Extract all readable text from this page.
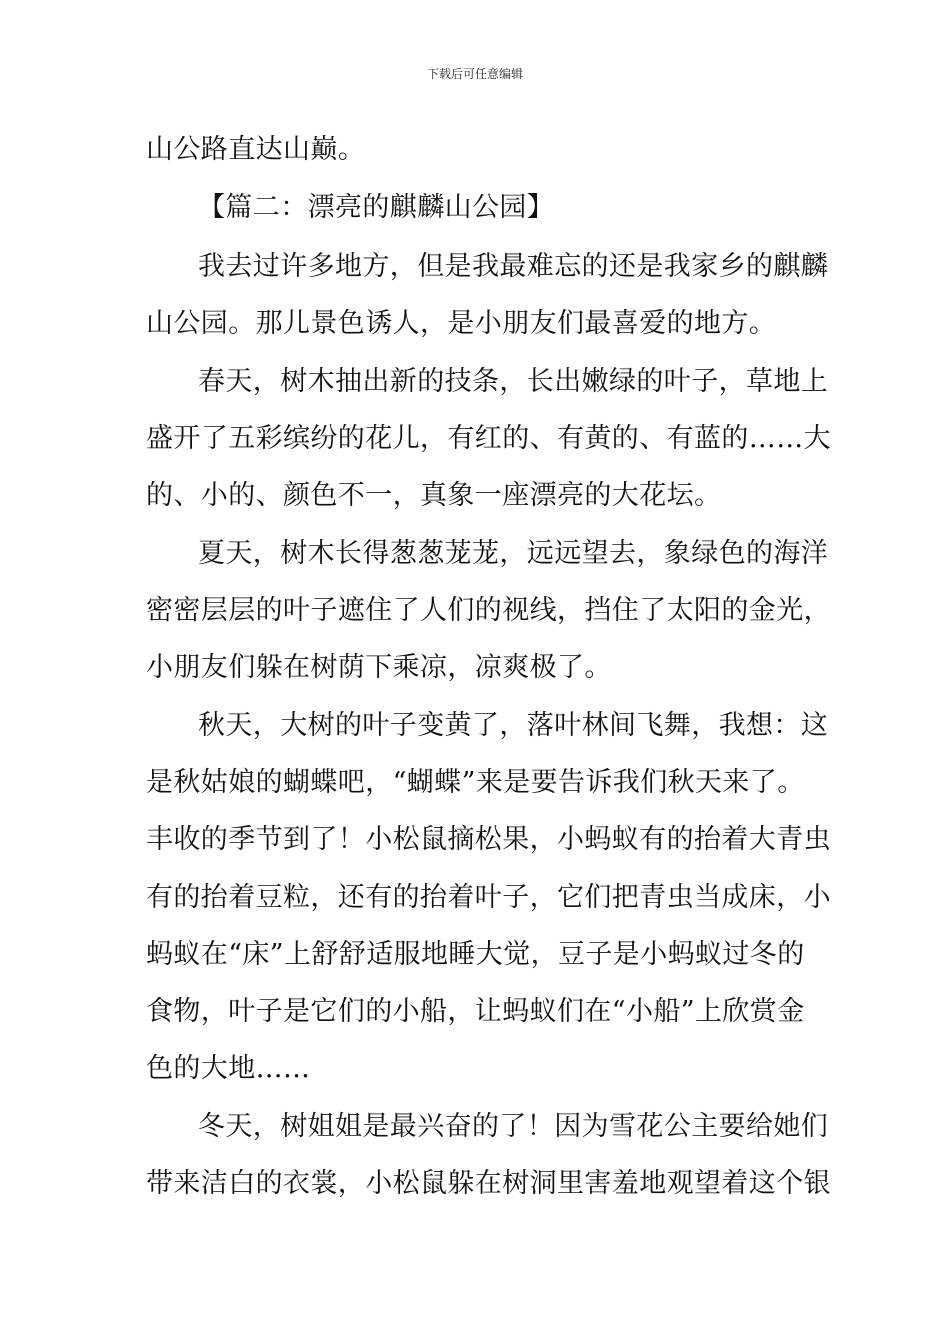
下载后可任意编辑
山公路直达山巅。
【篇二：漂亮的麒麟山公园】
我去过许多地方，但是我最难忘的还是我家乡的麒麟
山公园。那儿景色诱人，是小朋友们最喜爱的地方。
春天，树木抽出新的技条，长出嫩绿的叶子，草地上
盛开了五彩缤纷的花儿，有红的、有黄的、有蓝的……大
的、小的、颜色不一，真象一座漂亮的大花坛。
夏天，树木长得葱葱茏茏，远远望去，象绿色的海洋
密密层层的叶子遮住了人们的视线，挡住了太阳的金光，
小朋友们躲在树荫下乘凉，凉爽极了。
秋天，大树的叶子变黄了，落叶林间飞舞，我想：这
是秋姑娘的蝴蝶吧，“蝴蝶”来是要告诉我们秋天来了。
丰收的季节到了！小松鼠摘松果，小蚂蚁有的抬着大青虫
有的抬着豆粒，还有的抬着叶子，它们把青虫当成床，小
蚂蚁在“床”上舒舒适服地睡大觉，豆子是小蚂蚁过冬的
食物，叶子是它们的小船，让蚂蚁们在“小船”上欣赏金
色的大地……
冬天，树姐姐是最兴奋的了！因为雪花公主要给她们
带来洁白的衣裳，小松鼠躲在树洞里害羞地观望着这个银
